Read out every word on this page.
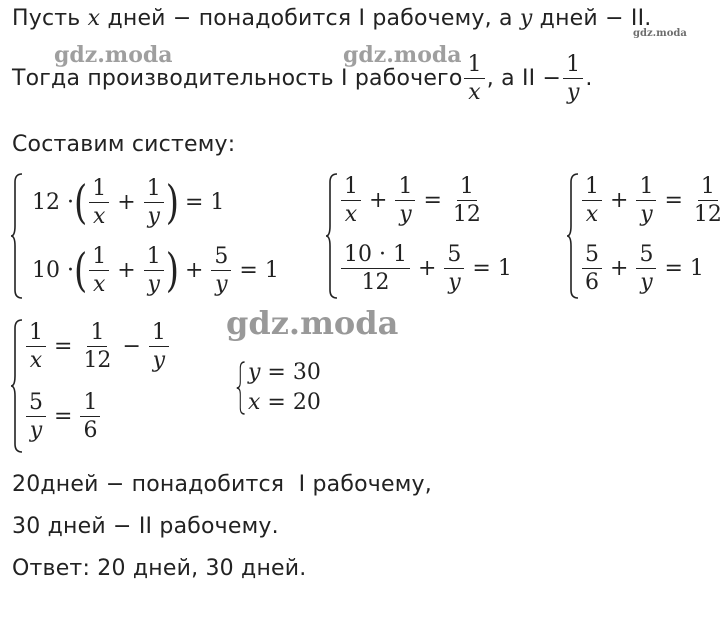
Пусть x дней − понадобится I рабочему, а y дней − II.
Тогда производительность I рабочего $\frac{1}{x}$ , а II − $\frac{1}{y}$ .
Составим систему:
12 · ( $\frac{1}{x} + \frac{1}{y}$ ) = 1
10 · ( $\frac{1}{x} + \frac{1}{y}$ ) + $\frac{5}{y} = 1$
$\frac{1}{x} + \frac{1}{y} = \frac{1}{12}$
$\frac{10 \cdot 1}{12} + \frac{5}{y} = 1$
$\frac{1}{x} + \frac{1}{y} = \frac{1}{12}$
$\frac{5}{6} + \frac{5}{y} = 1$
$\frac{1}{x} = \frac{1}{12} - \frac{1}{y}$
$\frac{5}{y} = \frac{1}{6}$
y = 30
x = 20
20дней − понадобится  I рабочему,
30 дней − II рабочему.
Ответ: 20 дней, 30 дней.
gdz.moda	gdz.moda
gdz.moda
gdz.moda
